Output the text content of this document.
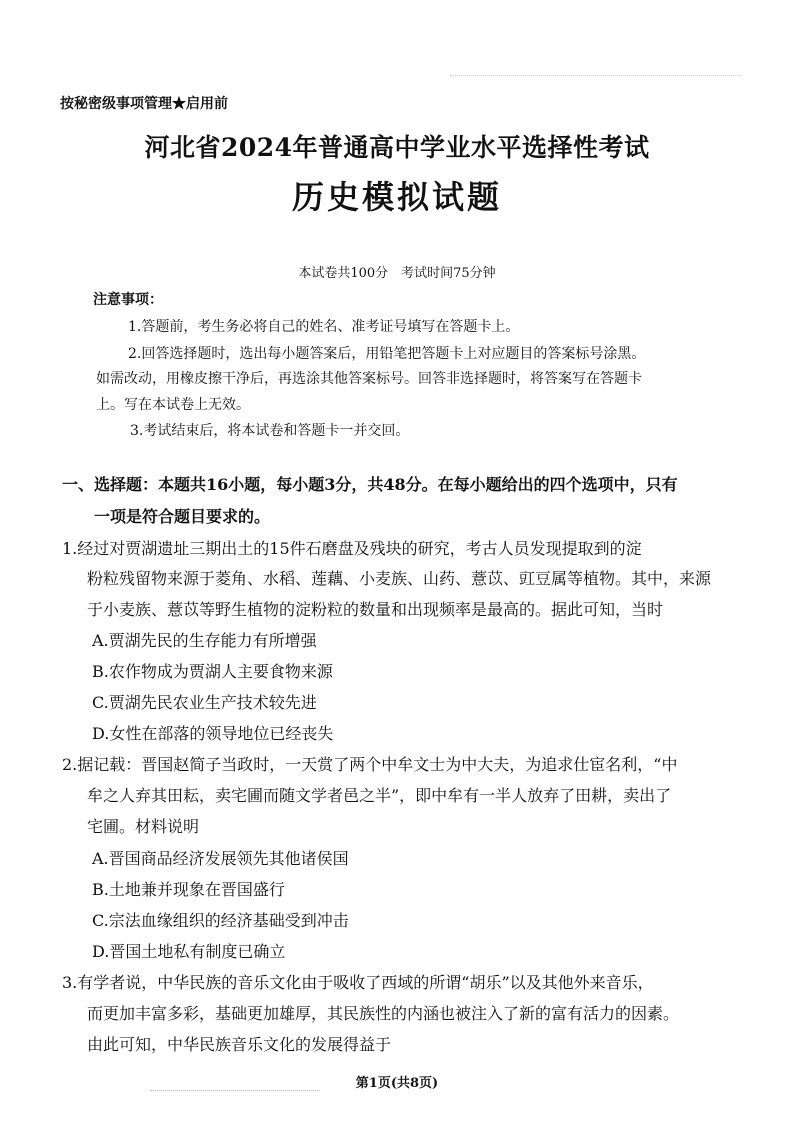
按秘密级事项管理★启用前
河北省2024年普通高中学业水平选择性考试
历史模拟试题
本试卷共100分　考试时间75分钟
注意事项：
1.答题前，考生务必将自己的姓名、准考证号填写在答题卡上。
2.回答选择题时，选出每小题答案后，用铅笔把答题卡上对应题目的答案标号涂黑。
如需改动，用橡皮擦干净后，再选涂其他答案标号。回答非选择题时，将答案写在答题卡
上。写在本试卷上无效。
3.考试结束后，将本试卷和答题卡一并交回。
一、选择题：本题共16小题，每小题3分，共48分。在每小题给出的四个选项中，只有
一项是符合题目要求的。
1.经过对贾湖遗址三期出土的15件石磨盘及残块的研究，考古人员发现提取到的淀
粉粒残留物来源于菱角、水稻、莲藕、小麦族、山药、薏苡、豇豆属等植物。其中，来源
于小麦族、薏苡等野生植物的淀粉粒的数量和出现频率是最高的。据此可知，当时
A.贾湖先民的生存能力有所增强
B.农作物成为贾湖人主要食物来源
C.贾湖先民农业生产技术较先进
D.女性在部落的领导地位已经丧失
2.据记载：晋国赵简子当政时，一天赏了两个中牟文士为中大夫，为追求仕宦名利，“中
牟之人弃其田耘，卖宅圃而随文学者邑之半”，即中牟有一半人放弃了田耕，卖出了
宅圃。材料说明
A.晋国商品经济发展领先其他诸侯国
B.土地兼并现象在晋国盛行
C.宗法血缘组织的经济基础受到冲击
D.晋国土地私有制度已确立
3.有学者说，中华民族的音乐文化由于吸收了西域的所谓“胡乐”以及其他外来音乐，
而更加丰富多彩，基础更加雄厚，其民族性的内涵也被注入了新的富有活力的因素。
由此可知，中华民族音乐文化的发展得益于
第1页(共8页)
